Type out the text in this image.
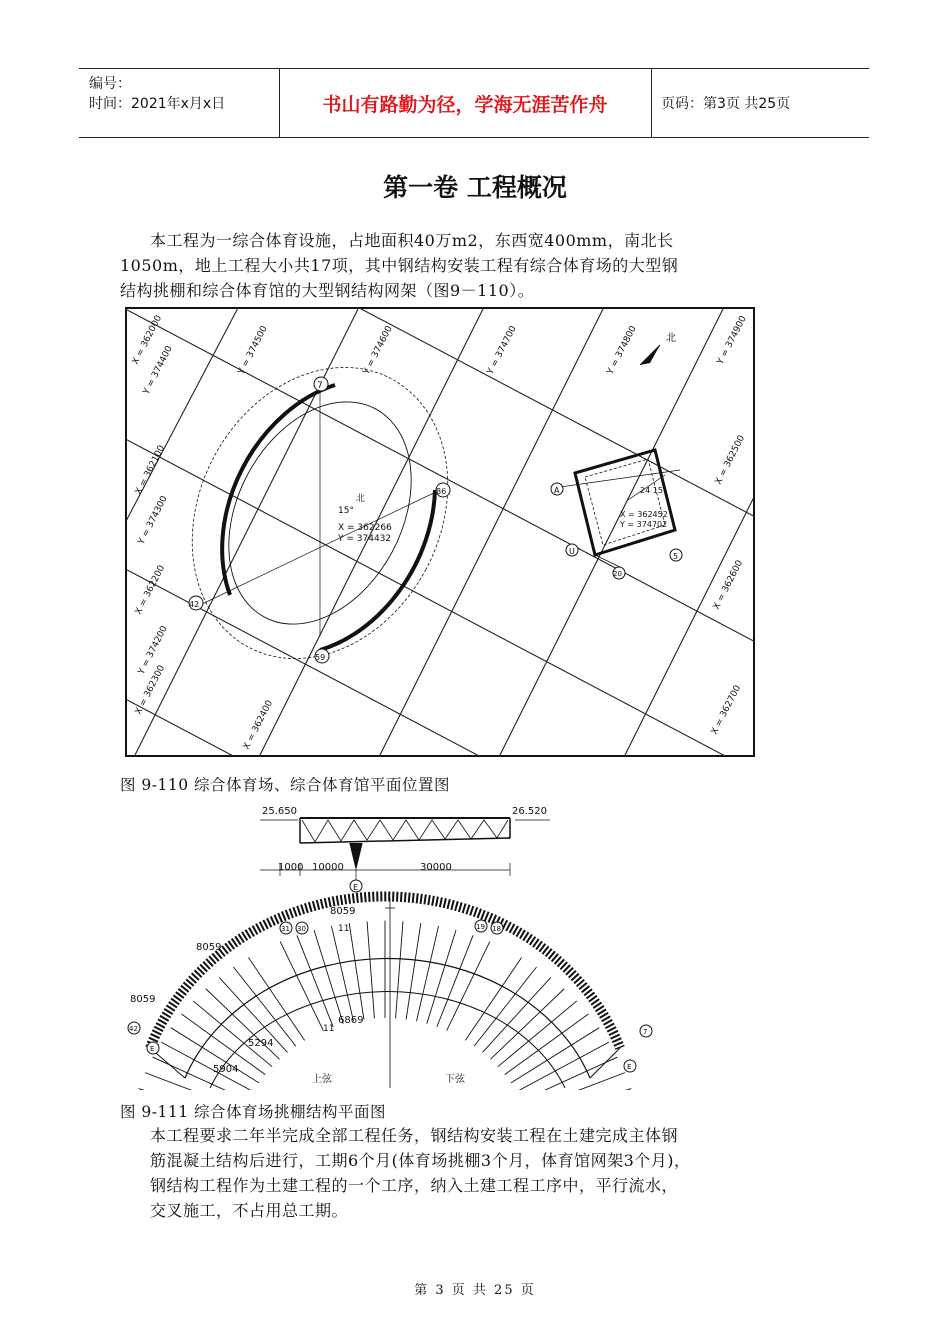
编号：
时间：2021年x月x日	书山有路勤为径，学海无涯苦作舟	页码：第3页 共25页
第一卷 工程概况
本工程为一综合体育设施，占地面积40万m2，东西宽400mm，南北长
1050m，地上工程大小共17项，其中钢结构安装工程有综合体育场的大型钢
结构挑棚和综合体育馆的大型钢结构网架（图9－110）。
Y = 374500	Y = 374600	Y = 374700	Y = 374800	Y = 374900
X = 362000
Y = 374400
X = 362100
Y = 374300
X = 362200
Y = 374200
X = 362300
X = 362400
X = 362500
X = 362600
X = 362700
北
7
86
42
59
15°
北
X = 362266
Y = 374432
A
U
20
5
24 15
X = 362452
Y = 374702
图 9-110 综合体育场、综合体育馆平面位置图
25.650	26.520
1000 10000	30000
E
8059
8059
8059
6869
5294
5904
11
11
31 30	19 18
42	7
E
E
上弦	下弦
图 9-111 综合体育场挑棚结构平面图
本工程要求二年半完成全部工程任务，钢结构安装工程在土建完成主体钢
筋混凝土结构后进行，工期6个月(体育场挑棚3个月，体育馆网架3个月)，
钢结构工程作为土建工程的一个工序，纳入土建工程工序中，平行流水，
交叉施工，不占用总工期。
第 3 页 共 25 页
